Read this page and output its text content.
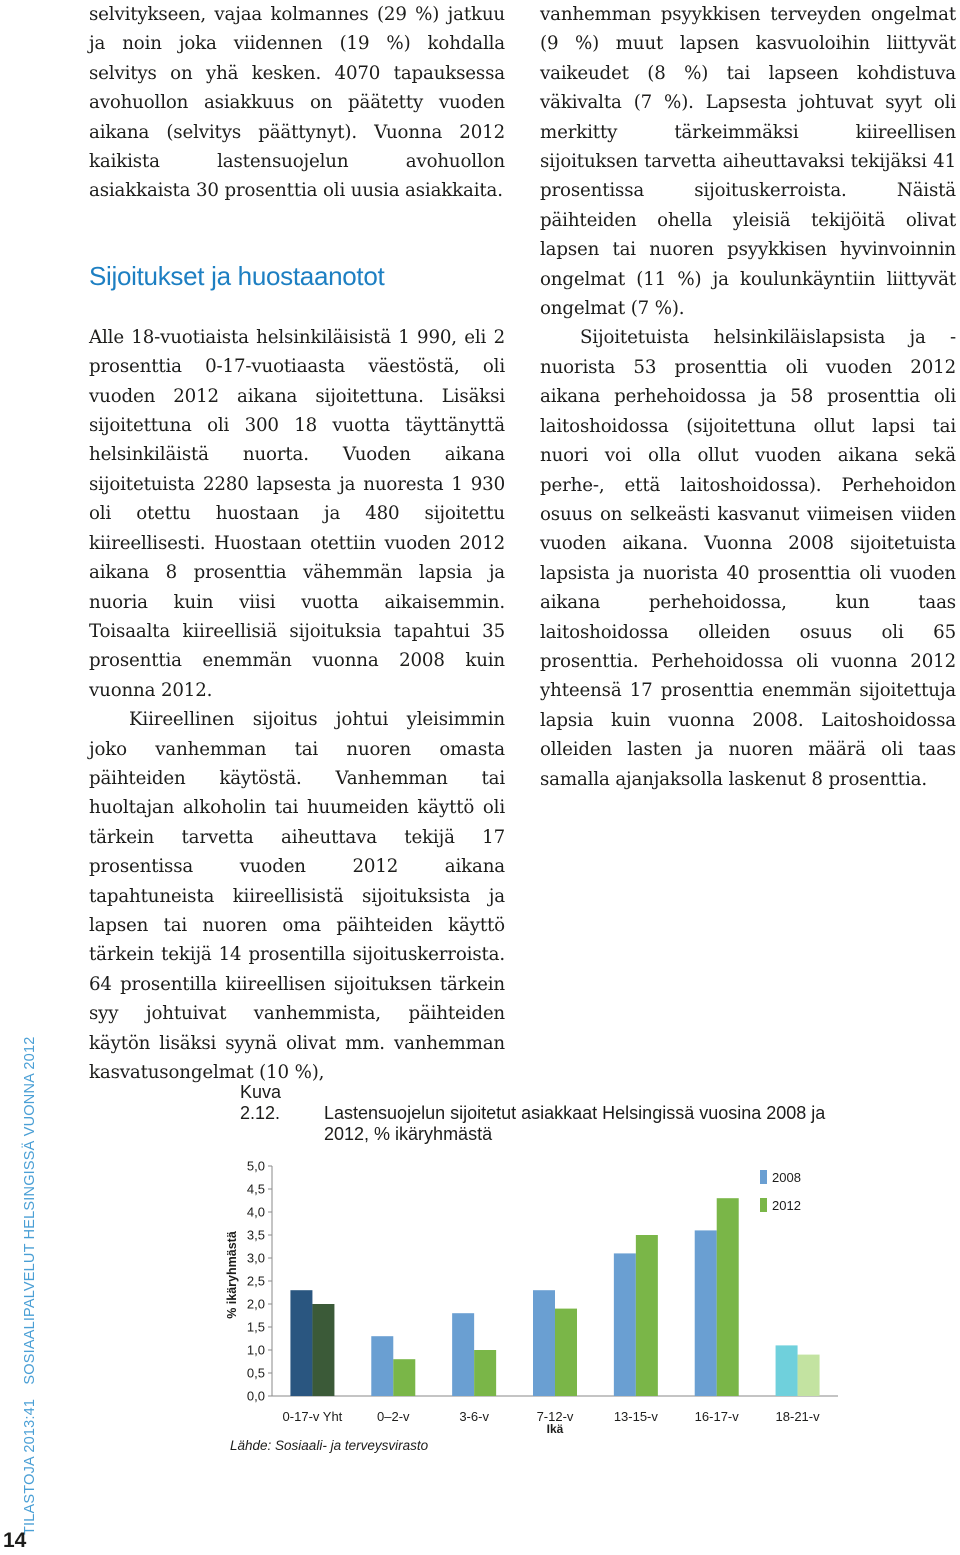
selvitykseen, vajaa kolmannes (29 %) jatkuu ja noin joka viidennen (19 %) kohdalla selvitys on yhä kesken. 4070 tapauksessa avohuollon asiakkuus on päätetty vuoden aikana (selvitys päättynyt). Vuonna 2012 kaikista lastensuojelun avohuollon asiakkaista 30 prosenttia oli uusia asiakkaita.

Sijoitukset ja huostaanotot

Alle 18-vuotiaista helsinkiläisistä 1 990, eli 2 prosenttia 0-17-vuotiaasta väestöstä, oli vuoden 2012 aikana sijoitettuna. Lisäksi sijoitettuna oli 300 18 vuotta täyttänyttä helsinkiläistä nuorta. Vuoden aikana sijoitetuista 2280 lapsesta ja nuoresta 1 930 oli otettu huostaan ja 480 sijoitettu kiireellisesti. Huostaan otettiin vuoden 2012 aikana 8 prosenttia vähemmän lapsia ja nuoria kuin viisi vuotta aikaisemmin. Toisaalta kiireellisiä sijoituksia tapahtui 35 prosenttia enemmän vuonna 2008 kuin vuonna 2012.

Kiireellinen sijoitus johtui yleisimmin joko vanhemman tai nuoren omasta päihteiden käytöstä. Vanhemman tai huoltajan alkoholin tai huumeiden käyttö oli tärkein tarvetta aiheuttava tekijä 17 prosentissa vuoden 2012 aikana tapahtuneista kiireellisistä sijoituksista ja lapsen tai nuoren oma päihteiden käyttö tärkein tekijä 14 prosentilla sijoituskerroista. 64 prosentilla kiireellisen sijoituksen tärkein syy johtuivat vanhemmista, päihteiden käytön lisäksi syynä olivat mm. vanhemman kasvatusongelmat (10 %),

vanhemman psyykkisen terveyden ongelmat (9 %) muut lapsen kasvuoloihin liittyvät vaikeudet (8 %) tai lapseen kohdistuva väkivalta (7 %). Lapsesta johtuvat syyt oli merkitty tärkeimmäksi kiireellisen sijoituksen tarvetta aiheuttavaksi tekijäksi 41 prosentissa sijoituskerroista. Näistä päihteiden ohella yleisiä tekijöitä olivat lapsen tai nuoren psyykkisen hyvinvoinnin ongelmat (11 %) ja koulunkäyntiin liittyvät ongelmat (7 %).

Sijoitetuista helsinkiläislapsista ja -nuorista 53 prosenttia oli vuoden 2012 aikana perhehoidossa ja 58 prosenttia oli laitoshoidossa (sijoitettuna ollut lapsi tai nuori voi olla ollut vuoden aikana sekä perhe-, että laitoshoidossa). Perhehoidon osuus on selkeästi kasvanut viimeisen viiden vuoden aikana. Vuonna 2008 sijoitetuista lapsista ja nuorista 40 prosenttia oli vuoden aikana perhehoidossa, kun taas laitoshoidossa olleiden osuus oli 65 prosenttia. Perhehoidossa oli vuonna 2012 yhteensä 17 prosenttia enemmän sijoitettuja lapsia kuin vuonna 2008. Laitoshoidossa olleiden lasten ja nuoren määrä oli taas samalla ajanjaksolla laskenut 8 prosenttia.

TILASTOJA 2013:41 SOSIAALIPALVELUT HELSINGISSÄ VUONNA 2012
14
Kuva 2.12. Lastensuojelun sijoitetut asiakkaat Helsingissä vuosina 2008 ja
2012, % ikäryhmästä
0,0
0,5
1,0
1,5
2,0
2,5
3,0
3,5
4,0
4,5
5,0
% ikäryhmästä
0-17-v Yht	0–2-v	3-6-v	7-12-v	13-15-v	16-17-v	18-21-v
Ikä
2008
2012
Lähde: Sosiaali- ja terveysvirasto
